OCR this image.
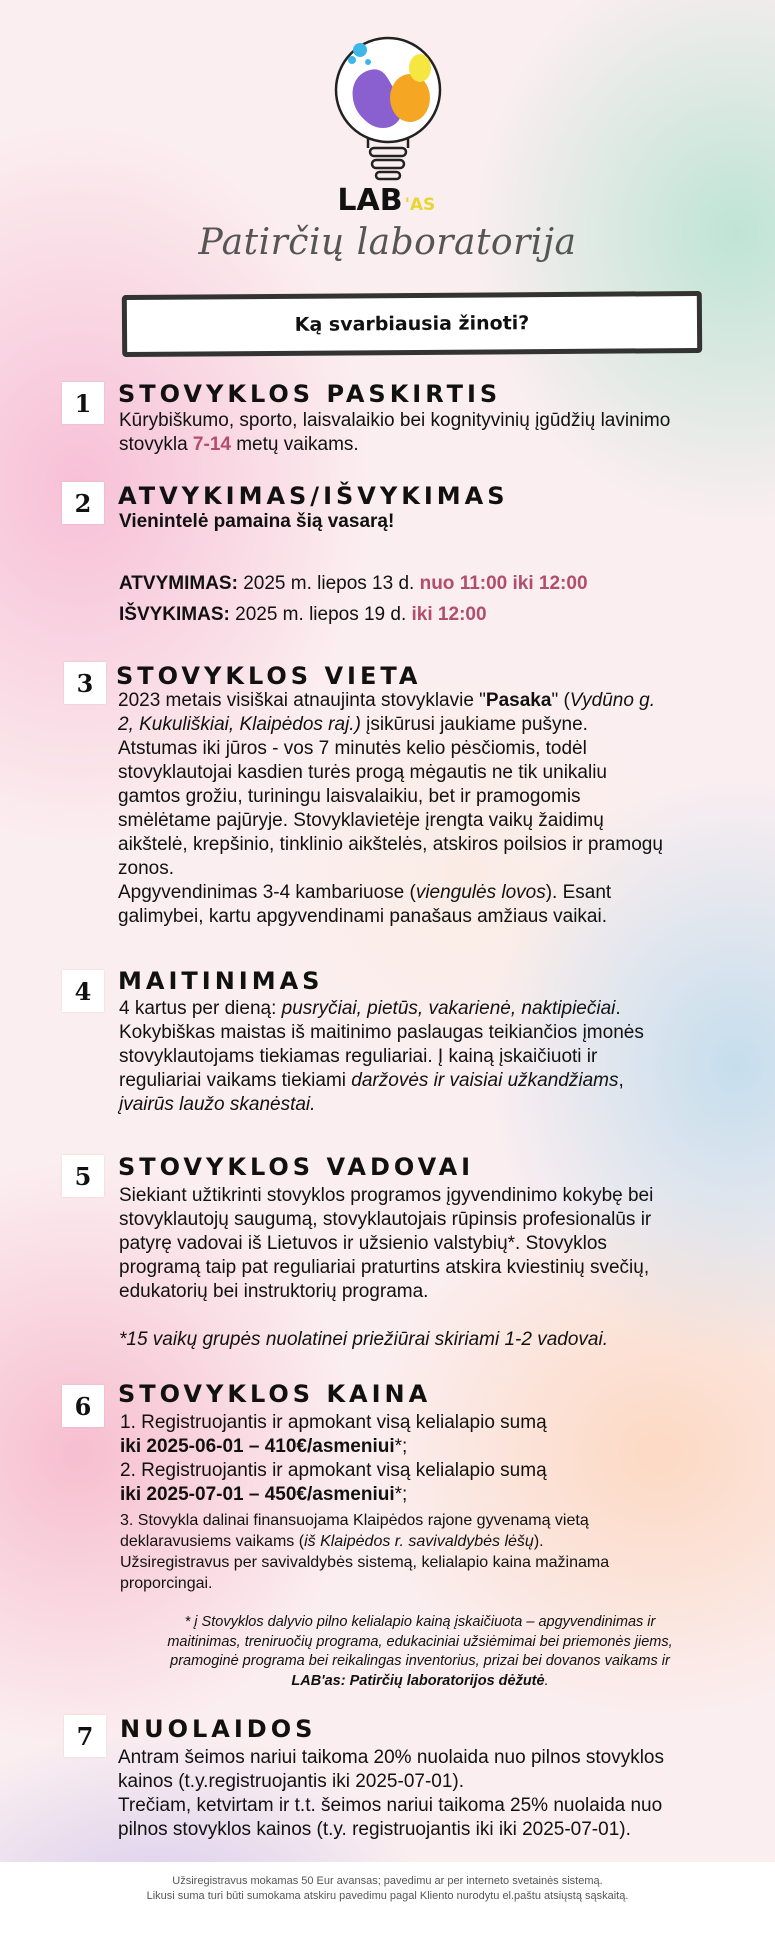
LAB 'AS
Patirčių laboratorija
Ką svarbiausia žinoti?
1	STOVYKLOS PASKIRTIS
Kūrybiškumo, sporto, laisvalaikio bei kognityvinių įgūdžių lavinimo
stovykla 7-14 metų vaikams.
2	ATVYKIMAS/IŠVYKIMAS
Vienintelė pamaina šią vasarą!
ATVYMIMAS: 2025 m. liepos 13 d. nuo 11:00 iki 12:00
IŠVYKIMAS: 2025 m. liepos 19 d. iki 12:00
3 STOVYKLOS VIETA
2023 metais visiškai atnaujinta stovyklavie "Pasaka" (Vydūno g.
2, Kukuliškiai, Klaipėdos raj.) įsikūrusi jaukiame pušyne.
Atstumas iki jūros - vos 7 minutės kelio pėsčiomis, todėl
stovyklautojai kasdien turės progą mėgautis ne tik unikaliu
gamtos grožiu, turiningu laisvalaikiu, bet ir pramogomis
smėlėtame pajūryje. Stovyklavietėje įrengta vaikų žaidimų
aikštelė, krepšinio, tinklinio aikštelės, atskiros poilsios ir pramogų
zonos.
Apgyvendinimas 3-4 kambariuose (viengulės lovos). Esant
galimybei, kartu apgyvendinami panašaus amžiaus vaikai.
4	MAITINIMAS
4 kartus per dieną: pusryčiai, pietūs, vakarienė, naktipiečiai.
Kokybiškas maistas iš maitinimo paslaugas teikiančios įmonės
stovyklautojams tiekiamas reguliariai. Į kainą įskaičiuoti ir
reguliariai vaikams tiekiami daržovės ir vaisiai užkandžiams,
įvairūs laužo skanėstai.
5	STOVYKLOS VADOVAI
Siekiant užtikrinti stovyklos programos įgyvendinimo kokybę bei
stovyklautojų saugumą, stovyklautojais rūpinsis profesionalūs ir
patyrę vadovai iš Lietuvos ir užsienio valstybių*. Stovyklos
programą taip pat reguliariai praturtins atskira kviestinių svečių,
edukatorių bei instruktorių programa.
*15 vaikų grupės nuolatinei priežiūrai skiriami 1-2 vadovai.
6	STOVYKLOS KAINA
1. Registruojantis ir apmokant visą kelialapio sumą
iki 2025-06-01 – 410€/asmeniui*;
2. Registruojantis ir apmokant visą kelialapio sumą
iki 2025-07-01 – 450€/asmeniui*;
3. Stovykla dalinai finansuojama Klaipėdos rajone gyvenamą vietą
deklaravusiems vaikams (iš Klaipėdos r. savivaldybės lėšų).
Užsiregistravus per savivaldybės sistemą, kelialapio kaina mažinama
proporcingai.
* į Stovyklos dalyvio pilno kelialapio kainą įskaičiuota – apgyvendinimas ir
maitinimas, treniruočių programa, edukaciniai užsiėmimai bei priemonės jiems,
pramoginė programa bei reikalingas inventorius, prizai bei dovanos vaikams ir
LAB'as: Patirčių laboratorijos dėžutė.
7	NUOLAIDOS
Antram šeimos nariui taikoma 20% nuolaida nuo pilnos stovyklos
kainos (t.y.registruojantis iki 2025-07-01).
Trečiam, ketvirtam ir t.t. šeimos nariui taikoma 25% nuolaida nuo
pilnos stovyklos kainos (t.y. registruojantis iki iki 2025-07-01).
Užsiregistravus mokamas 50 Eur avansas; pavedimu ar per interneto svetainės sistemą.
Likusi suma turi būti sumokama atskiru pavedimu pagal Kliento nurodytu el.paštu atsiųstą sąskaitą.
